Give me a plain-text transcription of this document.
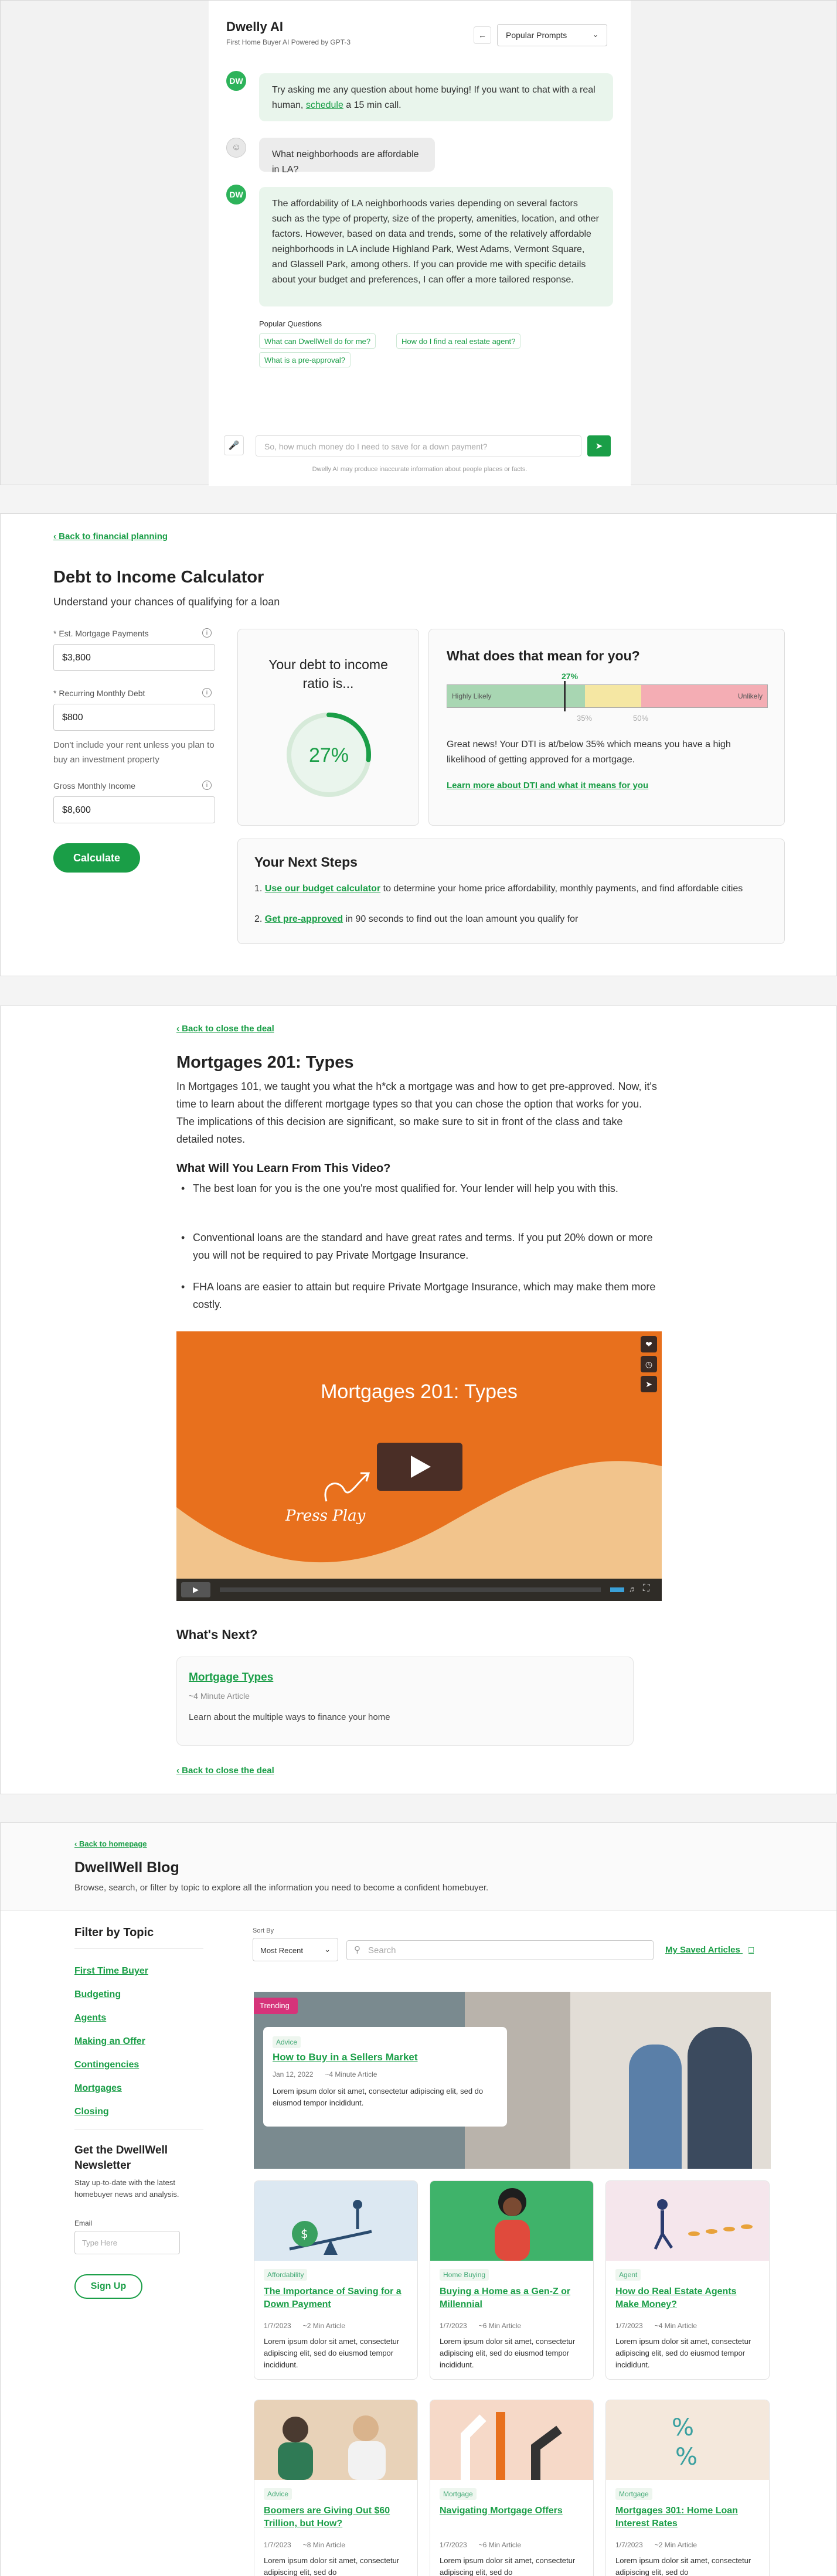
Dwelly AI
First Home Buyer AI Powered by GPT-3
←	Popular Prompts	⌄
DW
Try asking me any question about home buying! If you want to chat with a real human, schedule a 15 min call.
☺
What neighborhoods are affordable in LA?
DW
The affordability of LA neighborhoods varies depending on several factors such as the type of property, size of the property, amenities, location, and other factors. However, based on data and trends, some of the relatively affordable neighborhoods in LA include Highland Park, West Adams, Vermont Square, and Glassell Park, among others. If you can provide me with specific details about your budget and preferences, I can offer a more tailored response.
Popular Questions
What can DwellWell do for me?	How do I find a real estate agent?
What is a pre-approval?
🎤	So, how much money do I need to save for a down payment?	➤
Dwelly AI may produce inaccurate information about people places or facts.
‹ Back to financial planning
Debt to Income Calculator
Understand your chances of qualifying for a loan
* Est. Mortgage Payments	i
$3,800
* Recurring Monthly Debt	i
$800
Don't include your rent unless you plan to buy an investment property
Gross Monthly Income	i
$8,600
Calculate
Your debt to income ratio is...
27%
What does that mean for you?
27%
Highly Likely	Unlikely
35%	50%
Great news! Your DTI is at/below 35% which means you have a high likelihood of getting approved for a mortgage.
Learn more about DTI and what it means for you
Your Next Steps
1. Use our budget calculator to determine your home price affordability, monthly payments, and find affordable cities
2. Get pre-approved in 90 seconds to find out the loan amount you qualify for
‹ Back to close the deal
Mortgages 201: Types
In Mortgages 101, we taught you what the h*ck a mortgage was and how to get pre-approved. Now, it's time to learn about the different mortgage types so that you can chose the option that works for you. The implications of this decision are significant, so make sure to sit in front of the class and take detailed notes.
What Will You Learn From This Video?
• The best loan for you is the one you're most qualified for. Your lender will help you with this.
• Conventional loans are the standard and have great rates and terms. If you put 20% down or more you will not be required to pay Private Mortgage Insurance.
• FHA loans are easier to attain but require Private Mortgage Insurance, which may make them more costly.
Mortgages 201: Types
❤
◷
➤
Press Play
▶	♬ ⛶
What's Next?
Mortgage Types
~4 Minute Article
Learn about the multiple ways to finance your home
‹ Back to close the deal
‹ Back to homepage
DwellWell Blog
Browse, search, or filter by topic to explore all the information you need to become a confident homebuyer.
Filter by Topic
First Time Buyer
Budgeting
Agents
Making an Offer
Contingencies
Mortgages
Closing
Get the DwellWell Newsletter
Stay up-to-date with the latest homebuyer news and analysis.
Email
Type Here
Sign Up
Sort By
Most Recent	⌄	⚲ Search	My Saved Articles □
Trending
Advice
How to Buy in a Sellers Market
Jan 12, 2022      ~4 Minute Article
Lorem ipsum dolor sit amet, consectetur adipiscing elit, sed do eiusmod tempor incididunt.
$
Affordability
The Importance of Saving for a Down Payment
1/7/2023      ~2 Min Article
Lorem ipsum dolor sit amet, consectetur adipiscing elit, sed do eiusmod tempor incididunt.
Home Buying
Buying a Home as a Gen-Z or Millennial
1/7/2023      ~6 Min Article
Lorem ipsum dolor sit amet, consectetur adipiscing elit, sed do eiusmod tempor incididunt.
Agent
How do Real Estate Agents Make Money?
1/7/2023      ~4 Min Article
Lorem ipsum dolor sit amet, consectetur adipiscing elit, sed do eiusmod tempor incididunt.
Advice
Boomers are Giving Out $60 Trillion, but How?
1/7/2023      ~8 Min Article
Lorem ipsum dolor sit amet, consectetur adipiscing elit, sed do
Mortgage
Navigating Mortgage Offers
1/7/2023      ~6 Min Article
Lorem ipsum dolor sit amet, consectetur adipiscing elit, sed do
%
%
Mortgage
Mortgages 301: Home Loan Interest Rates
1/7/2023      ~2 Min Article
Lorem ipsum dolor sit amet, consectetur adipiscing elit, sed do
